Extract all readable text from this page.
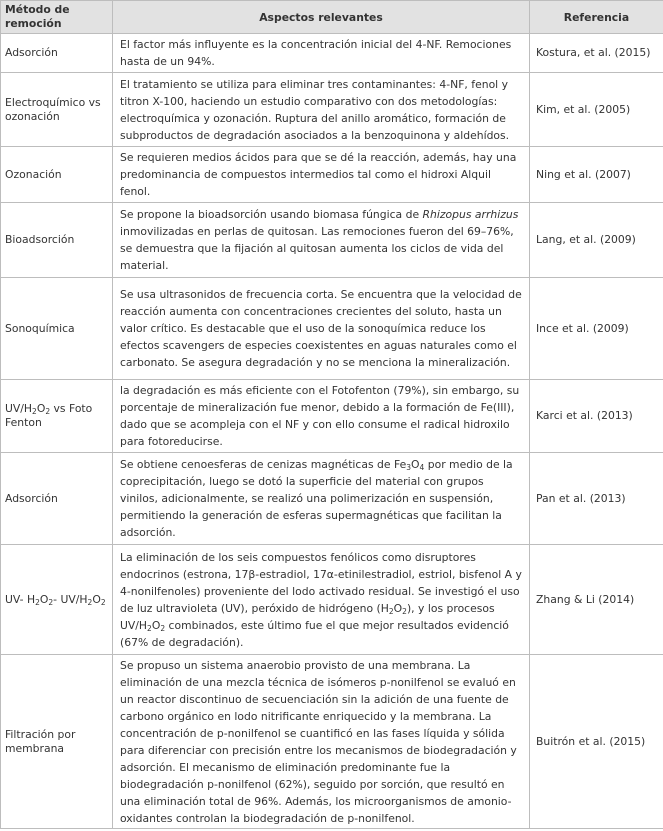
Método de remoción	Aspectos relevantes	Referencia
Adsorción	El factor más influyente es la concentración inicial del 4-NF. Remociones hasta de un 94%.	Kostura, et al. (2015)
Electroquímico vs ozonación	El tratamiento se utiliza para eliminar tres contaminantes: 4-NF, fenol y titron X-100, haciendo un estudio comparativo con dos metodologías: electroquímica y ozonación. Ruptura del anillo aromático, formación de subproductos de degradación asociados a la benzoquinona y aldehídos.	Kim, et al. (2005)
Ozonación	Se requieren medios ácidos para que se dé la reacción, además, hay una predominancia de compuestos intermedios tal como el hidroxi Alquil fenol.	Ning et al. (2007)
Bioadsorción	Se propone la bioadsorción usando biomasa fúngica de Rhizopus arrhizus inmovilizadas en perlas de quitosan. Las remociones fueron del 69–76%, se demuestra que la fijación al quitosan aumenta los ciclos de vida del material.	Lang, et al. (2009)
Sonoquímica	Se usa ultrasonidos de frecuencia corta. Se encuentra que la velocidad de reacción aumenta con concentraciones crecientes del soluto, hasta un valor crítico. Es destacable que el uso de la sonoquímica reduce los efectos scavengers de especies coexistentes en aguas naturales como el carbonato. Se asegura degradación y no se menciona la mineralización.	Ince et al. (2009)
$UV/H_2O_2$ vs Foto Fenton	la degradación es más eficiente con el Fotofenton (79%), sin embargo, su porcentaje de mineralización fue menor, debido a la formación de Fe(III), dado que se acompleja con el NF y con ello consume el radical hidroxilo para fotoreducirse.	Karci et al. (2013)
Adsorción	Se obtiene cenoesferas de cenizas magnéticas de $Fe_3O_4$ por medio de la coprecipitación, luego se dotó la superficie del material con grupos vinilos, adicionalmente, se realizó una polimerización en suspensión, permitiendo la generación de esferas supermagnéticas que facilitan la adsorción.	Pan et al. (2013)
UV- $H_2O_2-$ $UV/H_2O_2$	La eliminación de los seis compuestos fenólicos como disruptores endocrinos (estrona, 17β-estradiol, 17α-etinilestradiol, estriol, bisfenol A y 4-nonilfenoles) proveniente del lodo activado residual. Se investigó el uso de luz ultravioleta (UV), peróxido de hidrógeno $(H_2O_2)$, y los procesos $UV/H_2O_2$ combinados, este último fue el que mejor resultados evidenció (67% de degradación).	Zhang & Li (2014)
Filtración por membrana	Se propuso un sistema anaerobio provisto de una membrana. La eliminación de una mezcla técnica de isómeros p-nonilfenol se evaluó en un reactor discontinuo de secuenciación sin la adición de una fuente de carbono orgánico en lodo nitrificante enriquecido y la membrana. La concentración de p-nonilfenol se cuantificó en las fases líquida y sólida para diferenciar con precisión entre los mecanismos de biodegradación y adsorción. El mecanismo de eliminación predominante fue la biodegradación p-nonilfenol (62%), seguido por sorción, que resultó en una eliminación total de 96%. Además, los microorganismos de amonio-oxidantes controlan la biodegradación de p-nonilfenol.	Buitrón et al. (2015)
